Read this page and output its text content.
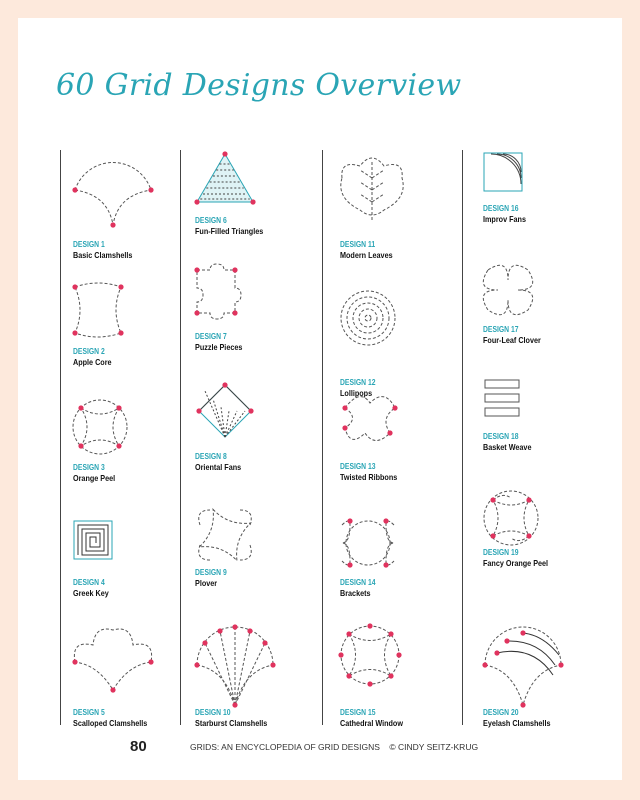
60 Grid Designs Overview
DESIGN 1
Basic Clamshells
DESIGN 2
Apple Core
DESIGN 3
Orange Peel
DESIGN 4
Greek Key
DESIGN 5
Scalloped Clamshells
DESIGN 6
Fun-Filled Triangles
DESIGN 7
Puzzle Pieces
DESIGN 8
Oriental Fans
DESIGN 9
Plover
DESIGN 10
Starburst Clamshells
DESIGN 11
Modern Leaves
DESIGN 12
Lollipops
DESIGN 13
Twisted Ribbons
DESIGN 14
Brackets
DESIGN 15
Cathedral Window
DESIGN 16
Improv Fans
DESIGN 17
Four-Leaf Clover
DESIGN 18
Basket Weave
DESIGN 19
Fancy Orange Peel
DESIGN 20
Eyelash Clamshells
80	GRIDS: AN ENCYCLOPEDIA OF GRID DESIGNS    © CINDY SEITZ-KRUG
